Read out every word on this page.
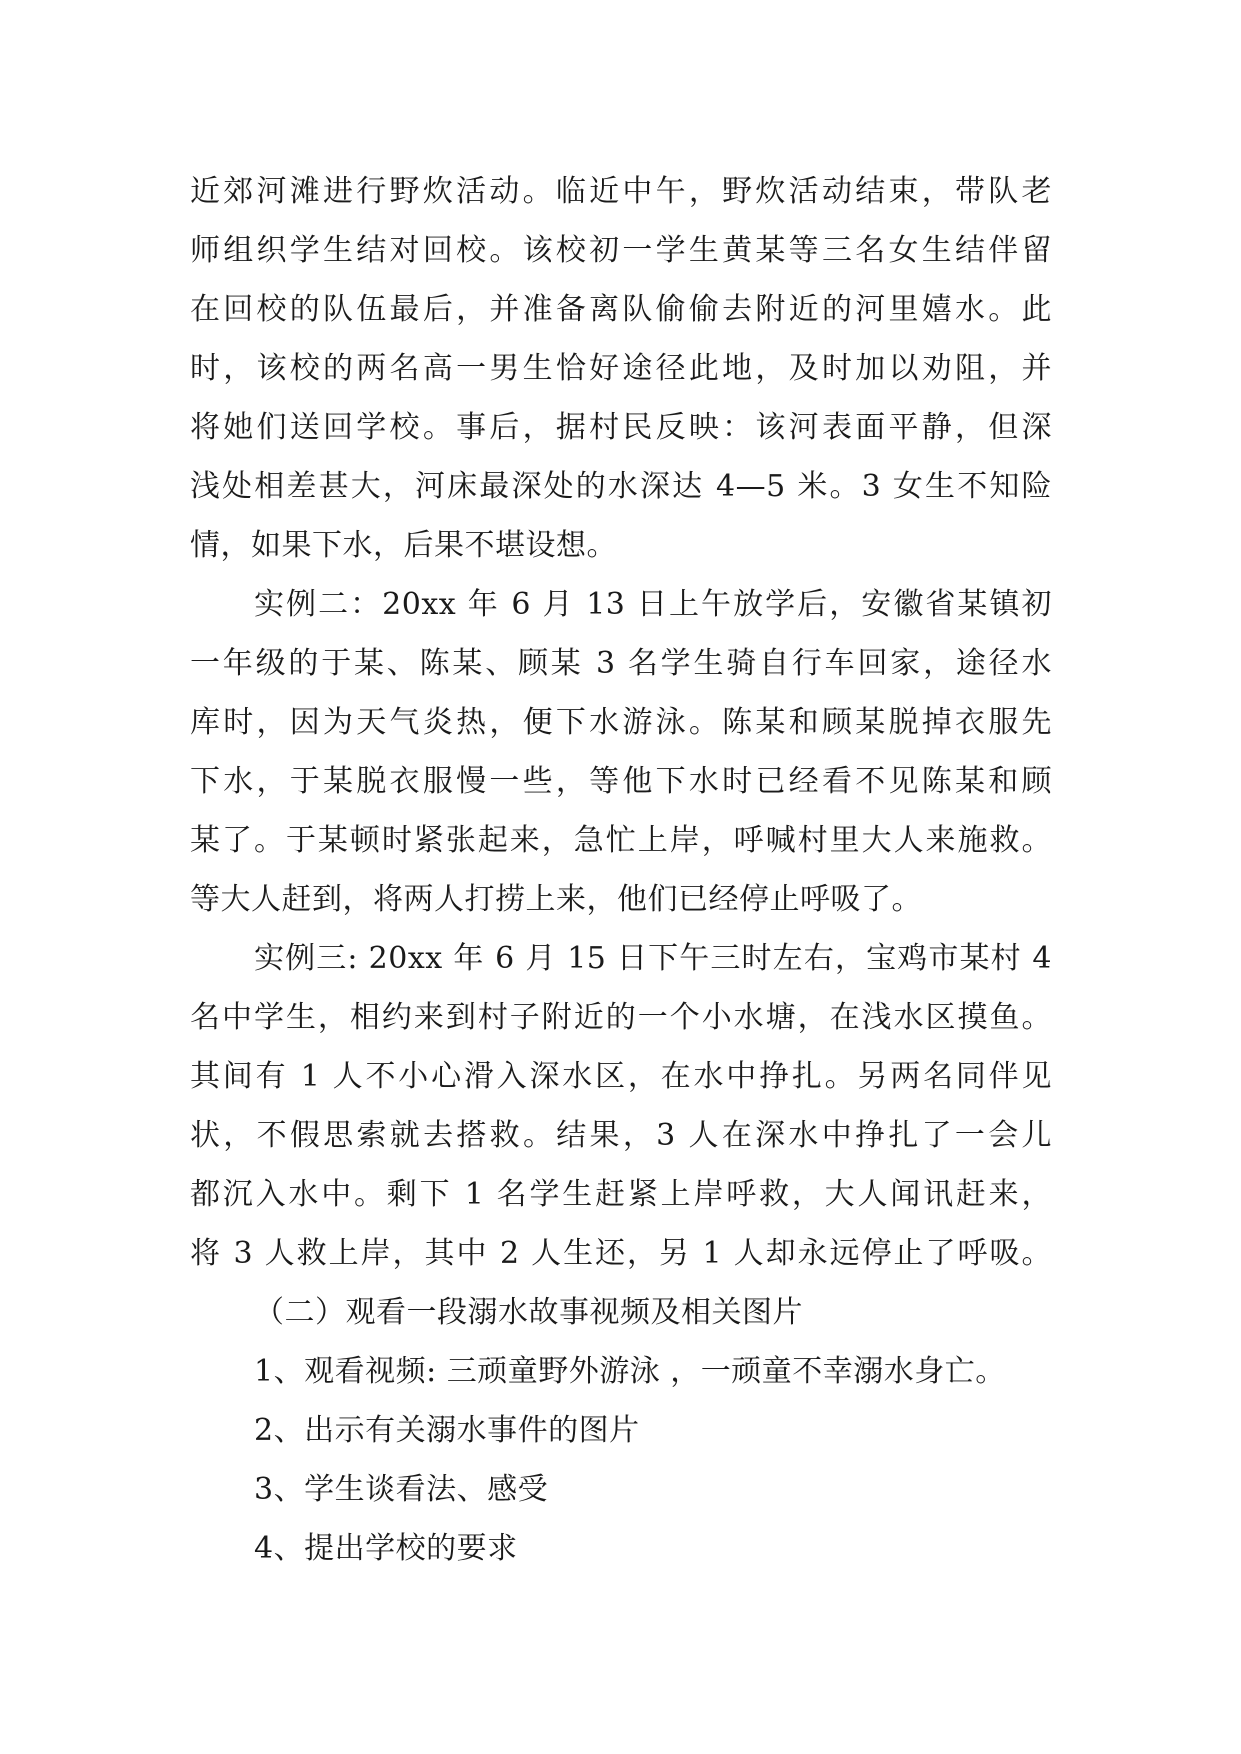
近郊河滩进行野炊活动。临近中午，野炊活动结束，带队老
师组织学生结对回校。该校初一学生黄某等三名女生结伴留
在回校的队伍最后，并准备离队偷偷去附近的河里嬉水。此
时，该校的两名高一男生恰好途径此地，及时加以劝阻，并
将她们送回学校。事后，据村民反映：该河表面平静，但深
浅处相差甚大，河床最深处的水深达 4—5 米。3 女生不知险
情，如果下水，后果不堪设想。
实例二：20xx 年 6 月 13 日上午放学后，安徽省某镇初
一年级的于某、陈某、顾某 3 名学生骑自行车回家，途径水
库时，因为天气炎热，便下水游泳。陈某和顾某脱掉衣服先
下水，于某脱衣服慢一些，等他下水时已经看不见陈某和顾
某了。于某顿时紧张起来，急忙上岸，呼喊村里大人来施救。
等大人赶到，将两人打捞上来，他们已经停止呼吸了。
实例三: 20xx 年 6 月 15 日下午三时左右，宝鸡市某村 4
名中学生，相约来到村子附近的一个小水塘，在浅水区摸鱼。
其间有 1 人不小心滑入深水区，在水中挣扎。另两名同伴见
状，不假思索就去搭救。结果，3 人在深水中挣扎了一会儿
都沉入水中。剩下 1 名学生赶紧上岸呼救，大人闻讯赶来，
将 3 人救上岸，其中 2 人生还，另 1 人却永远停止了呼吸。
（二）观看一段溺水故事视频及相关图片
1、观看视频: 三顽童野外游泳 ，一顽童不幸溺水身亡。
2、出示有关溺水事件的图片
3、学生谈看法、感受
4、提出学校的要求
